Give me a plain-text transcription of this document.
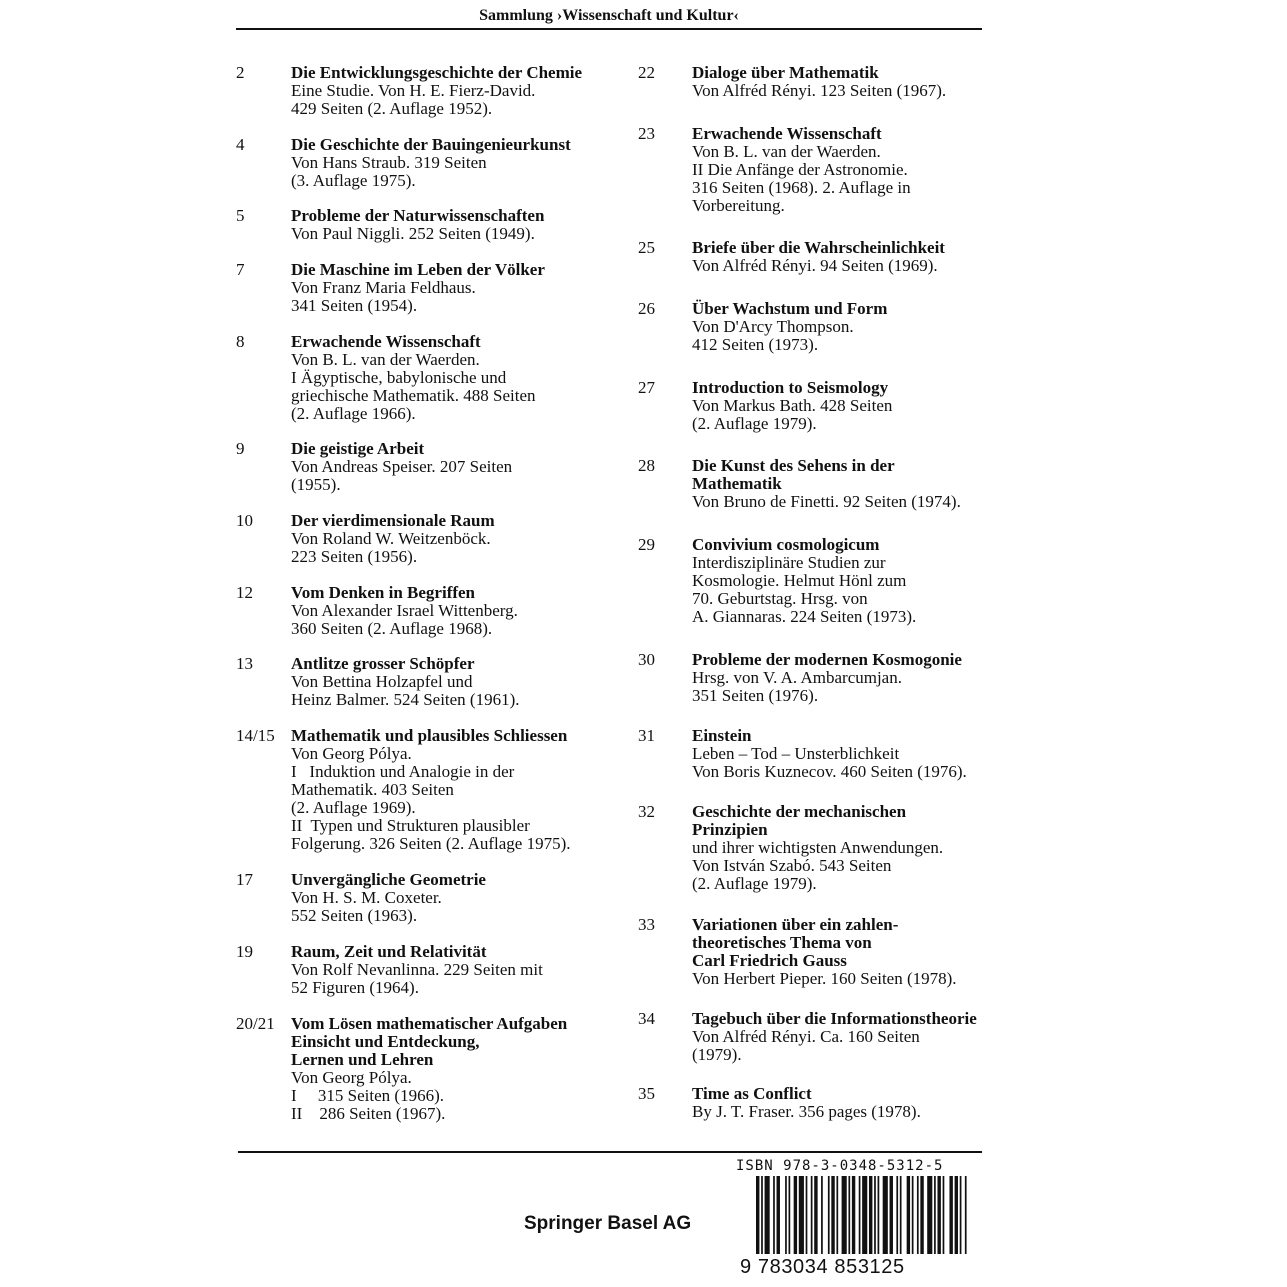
Sammlung ›Wissenschaft und Kultur‹
2	Die Entwicklungsgeschichte der Chemie
Eine Studie. Von H. E. Fierz-David.
429 Seiten (2. Auflage 1952).
4	Die Geschichte der Bauingenieurkunst
Von Hans Straub. 319 Seiten
(3. Auflage 1975).
5	Probleme der Naturwissenschaften
Von Paul Niggli. 252 Seiten (1949).
7	Die Maschine im Leben der Völker
Von Franz Maria Feldhaus.
341 Seiten (1954).
8	Erwachende Wissenschaft
Von B. L. van der Waerden.
I Ägyptische, babylonische und
griechische Mathematik. 488 Seiten
(2. Auflage 1966).
9	Die geistige Arbeit
Von Andreas Speiser. 207 Seiten
(1955).
10	Der vierdimensionale Raum
Von Roland W. Weitzenböck.
223 Seiten (1956).
12	Vom Denken in Begriffen
Von Alexander Israel Wittenberg.
360 Seiten (2. Auflage 1968).
13	Antlitze grosser Schöpfer
Von Bettina Holzapfel und
Heinz Balmer. 524 Seiten (1961).
14/15 Mathematik und plausibles Schliessen
Von Georg Pólya.
I   Induktion und Analogie in der
Mathematik. 403 Seiten
(2. Auflage 1969).
II  Typen und Strukturen plausibler
Folgerung. 326 Seiten (2. Auflage 1975).
17	Unvergängliche Geometrie
Von H. S. M. Coxeter.
552 Seiten (1963).
19	Raum, Zeit und Relativität
Von Rolf Nevanlinna. 229 Seiten mit
52 Figuren (1964).
20/21 Vom Lösen mathematischer Aufgaben
Einsicht und Entdeckung,
Lernen und Lehren
Von Georg Pólya.
I     315 Seiten (1966).
II    286 Seiten (1967).
22	Dialoge über Mathematik
Von Alfréd Rényi. 123 Seiten (1967).
23	Erwachende Wissenschaft
Von B. L. van der Waerden.
II Die Anfänge der Astronomie.
316 Seiten (1968). 2. Auflage in
Vorbereitung.
25	Briefe über die Wahrscheinlichkeit
Von Alfréd Rényi. 94 Seiten (1969).
26	Über Wachstum und Form
Von D'Arcy Thompson.
412 Seiten (1973).
27	Introduction to Seismology
Von Markus Bath. 428 Seiten
(2. Auflage 1979).
28	Die Kunst des Sehens in der
Mathematik
Von Bruno de Finetti. 92 Seiten (1974).
29	Convivium cosmologicum
Interdisziplinäre Studien zur
Kosmologie. Helmut Hönl zum
70. Geburtstag. Hrsg. von
A. Giannaras. 224 Seiten (1973).
30	Probleme der modernen Kosmogonie
Hrsg. von V. A. Ambarcumjan.
351 Seiten (1976).
31	Einstein
Leben – Tod – Unsterblichkeit
Von Boris Kuznecov. 460 Seiten (1976).
32	Geschichte der mechanischen
Prinzipien
und ihrer wichtigsten Anwendungen.
Von István Szabó. 543 Seiten
(2. Auflage 1979).
33	Variationen über ein zahlen-
theoretisches Thema von
Carl Friedrich Gauss
Von Herbert Pieper. 160 Seiten (1978).
34	Tagebuch über die Informationstheorie
Von Alfréd Rényi. Ca. 160 Seiten
(1979).
35	Time as Conflict
By J. T. Fraser. 356 pages (1978).
ISBN 978-3-0348-5312-5
9 783034 853125
Springer Basel AG
